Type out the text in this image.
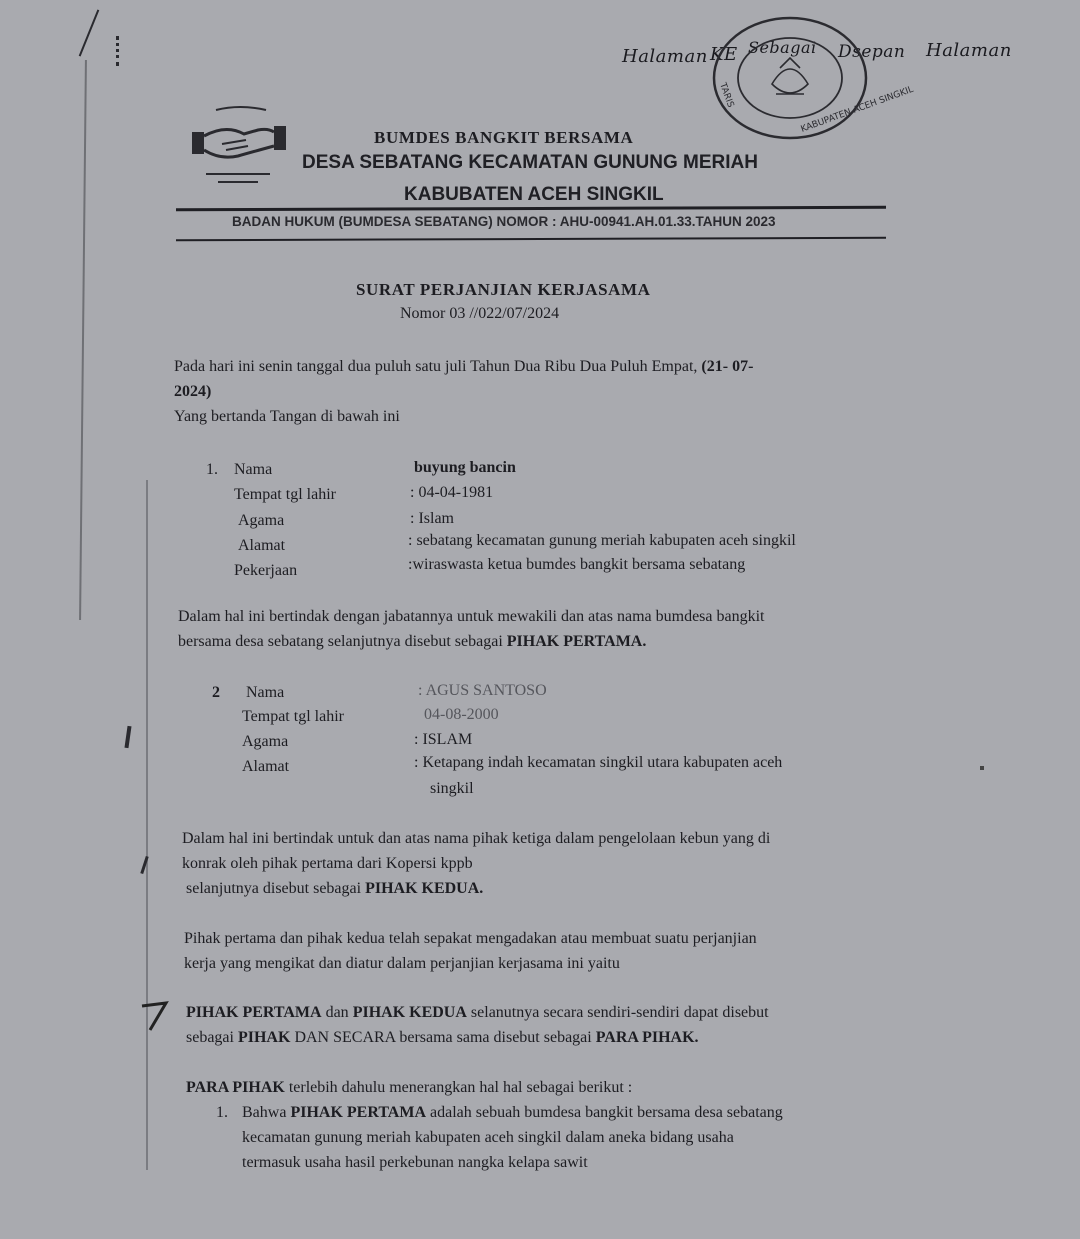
Halaman KE Sebagai Dsepan Halaman
KABUPATEN ACEH SINGKIL
TARIS
BUMDES BANGKIT BERSAMA
DESA SEBATANG KECAMATAN GUNUNG MERIAH
KABUBATEN ACEH SINGKIL
BADAN HUKUM (BUMDESA SEBATANG) NOMOR : AHU-00941.AH.01.33.TAHUN 2023
SURAT PERJANJIAN KERJASAMA
Nomor 03 //022/07/2024
Pada hari ini senin tanggal dua puluh satu juli Tahun Dua Ribu Dua Puluh Empat, (21- 07-
2024)
Yang bertanda Tangan di bawah ini
1. Nama	buyung bancin
Tempat tgl lahir	: 04-04-1981
Agama	: Islam
Alamat	: sebatang kecamatan gunung meriah kabupaten aceh singkil
Pekerjaan	:wiraswasta ketua bumdes bangkit bersama sebatang
Dalam hal ini bertindak dengan jabatannya untuk mewakili dan atas nama bumdesa bangkit
bersama desa sebatang selanjutnya disebut sebagai PIHAK PERTAMA.
2 Nama	: AGUS SANTOSO
Tempat tgl lahir	04-08-2000
Agama	: ISLAM
Alamat	: Ketapang indah kecamatan singkil utara kabupaten aceh
singkil
Dalam hal ini bertindak untuk dan atas nama pihak ketiga dalam pengelolaan kebun yang di
konrak oleh pihak pertama dari Kopersi kppb
selanjutnya disebut sebagai PIHAK KEDUA.
Pihak pertama dan pihak kedua telah sepakat mengadakan atau membuat suatu perjanjian
kerja yang mengikat dan diatur dalam perjanjian kerjasama ini yaitu
PIHAK PERTAMA dan PIHAK KEDUA selanutnya secara sendiri-sendiri dapat disebut
sebagai PIHAK DAN SECARA bersama sama disebut sebagai PARA PIHAK.
PARA PIHAK terlebih dahulu menerangkan hal hal sebagai berikut :
1. Bahwa PIHAK PERTAMA adalah sebuah bumdesa bangkit bersama desa sebatang
kecamatan gunung meriah kabupaten aceh singkil dalam aneka bidang usaha
termasuk usaha hasil perkebunan nangka kelapa sawit
